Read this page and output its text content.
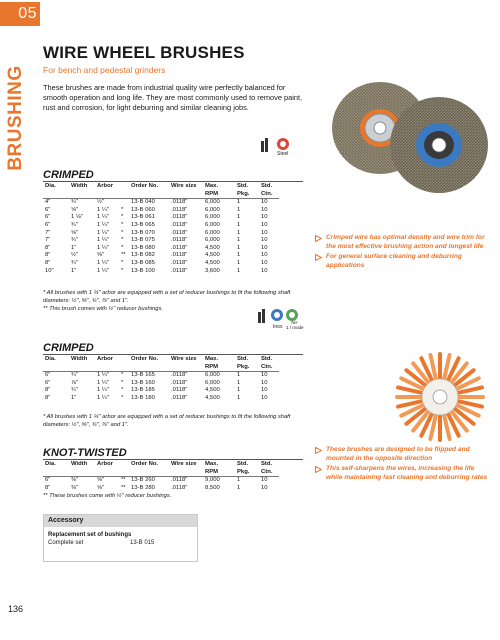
05
BRUSHING
WIRE WHEEL BRUSHES
For bench and pedestal grinders
These brushes are made from industrial quality wire perfectly balanced for smooth operation and long life. They are most commonly used to remove paint, rust and corrosion, for light deburring and similar cleaning jobs.
CRIMPED
Steel
Dia.	Width	Arbor		Order No.	Wire size	Max.
RPM	Std.
Pkg.	Std.
Ctn.
4"	¾"	½"		13-B 040	.0118"	6,000	1	10
6"	⅝"	1 ¼"	*	13-B 060	.0118"	6,000	1	10
6"	1 ⅛"	1 ¼"	*	13-B 061	.0118"	6,000	1	10
6"	¾"	1 ¼"	*	13-B 065	.0118"	6,000	1	10
7"	⅝"	1 ¼"	*	13-B 070	.0118"	6,000	1	10
7"	¾"	1 ¼"	*	13-B 075	.0118"	6,000	1	10
8"	1"	1 ¼"	*	13-B 080	.0118"	4,500	1	10
8"	½"	⅝"	**	13-B 082	.0118"	4,500	1	10
8"	¾"	1 ¼"	*	13-B 085	.0118"	4,500	1	10
10"	1"	1 ¼"	*	13-B 100	.0118"	3,600	1	10
* All brushes with 1 ¼" arbor are equipped with a set of reducer bushings to fit the following shaft diameters: ½", ⅝", ¾", ⅞" and 1".
** This brush comes with ½" reducer bushings.
Crimped wire has optimal density and wire trim for the most effective brushing action and longest life
For general surface cleaning and deburring applications
CRIMPED
Inox
Ni+
1 / mode
Dia.	Width	Arbor		Order No.	Wire size	Max.
RPM	Std.
Pkg.	Std.
Ctn.
6"	¾"	1 ¼"	*	13-B 165	.0118"	6,000	1	10
6"	⅞"	1 ¼"	*	13-B 160	.0118"	6,000	1	10
8"	¾"	1 ¼"	*	13-B 185	.0118"	4,500	1	10
8"	1"	1 ¼"	*	13-B 180	.0118"	4,500	1	10
* All brushes with 1 ¼" arbor are equipped with a set of reducer bushings to fit the following shaft diameters: ½", ⅝", ¾", ⅞" and 1".
KNOT-TWISTED
Dia.	Width	Arbor		Order No.	Wire size	Max.
RPM	Std.
Pkg.	Std.
Ctn.
6"	⅜"	⅝"	**	13-B 260	.0118"	9,000	1	10
8"	⅜"	⅝"	**	13-B 280	.0118"	8,500	1	10
** These brushes come with ½" reducer bushings.
These brushes are designed to be flipped and mounted in the opposite direction
This self-sharpens the wires, increasing the life while maintaining fast cleaning and deburring rates
Accessory
Replacement set of bushings
Complete set	13-B 015
136
